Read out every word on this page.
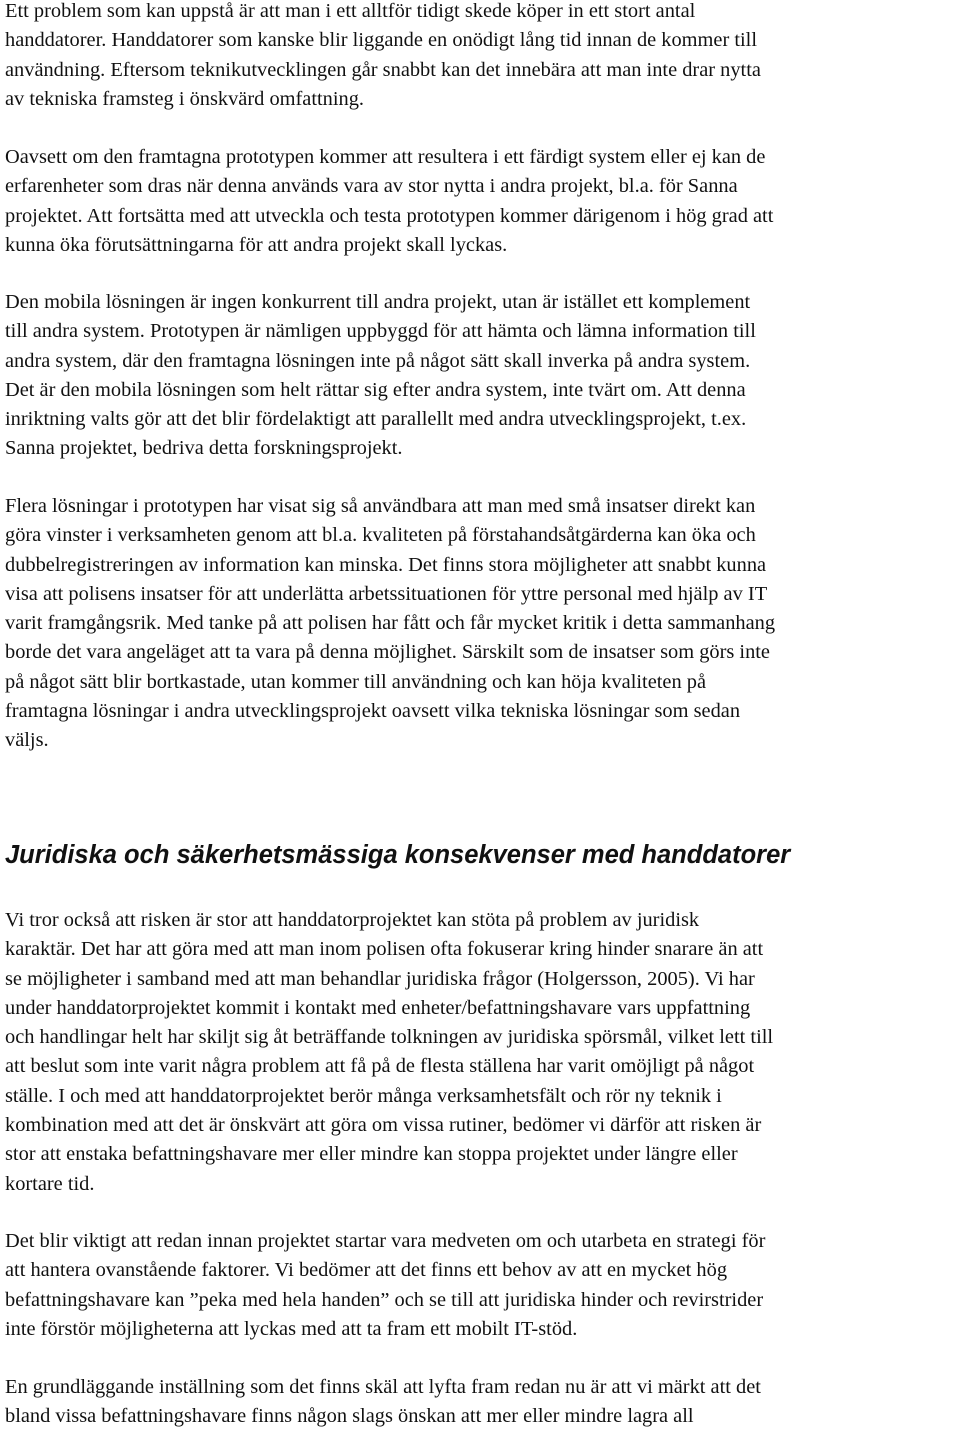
Ett problem som kan uppstå är att man i ett alltför tidigt skede köper in ett stort antal
handdatorer. Handdatorer som kanske blir liggande en onödigt lång tid innan de kommer till
användning. Eftersom teknikutvecklingen går snabbt kan det innebära att man inte drar nytta
av tekniska framsteg i önskvärd omfattning.
Oavsett om den framtagna prototypen kommer att resultera i ett färdigt system eller ej kan de
erfarenheter som dras när denna används vara av stor nytta i andra projekt, bl.a. för Sanna
projektet. Att fortsätta med att utveckla och testa prototypen kommer därigenom i hög grad att
kunna öka förutsättningarna för att andra projekt skall lyckas.
Den mobila lösningen är ingen konkurrent till andra projekt, utan är istället ett komplement
till andra system. Prototypen är nämligen uppbyggd för att hämta och lämna information till
andra system, där den framtagna lösningen inte på något sätt skall inverka på andra system.
Det är den mobila lösningen som helt rättar sig efter andra system, inte tvärt om. Att denna
inriktning valts gör att det blir fördelaktigt att parallellt med andra utvecklingsprojekt, t.ex.
Sanna projektet, bedriva detta forskningsprojekt.
Flera lösningar i prototypen har visat sig så användbara att man med små insatser direkt kan
göra vinster i verksamheten genom att bl.a. kvaliteten på förstahandsåtgärderna kan öka och
dubbelregistreringen av information kan minska. Det finns stora möjligheter att snabbt kunna
visa att polisens insatser för att underlätta arbetssituationen för yttre personal med hjälp av IT
varit framgångsrik. Med tanke på att polisen har fått och får mycket kritik i detta sammanhang
borde det vara angeläget att ta vara på denna möjlighet. Särskilt som de insatser som görs inte
på något sätt blir bortkastade, utan kommer till användning och kan höja kvaliteten på
framtagna lösningar i andra utvecklingsprojekt oavsett vilka tekniska lösningar som sedan
väljs.
Juridiska och säkerhetsmässiga konsekvenser med handdatorer
Vi tror också att risken är stor att handdatorprojektet kan stöta på problem av juridisk
karaktär. Det har att göra med att man inom polisen ofta fokuserar kring hinder snarare än att
se möjligheter i samband med att man behandlar juridiska frågor (Holgersson, 2005). Vi har
under handdatorprojektet kommit i kontakt med enheter/befattningshavare vars uppfattning
och handlingar helt har skiljt sig åt beträffande tolkningen av juridiska spörsmål, vilket lett till
att beslut som inte varit några problem att få på de flesta ställena har varit omöjligt på något
ställe. I och med att handdatorprojektet berör många verksamhetsfält och rör ny teknik i
kombination med att det är önskvärt att göra om vissa rutiner, bedömer vi därför att risken är
stor att enstaka befattningshavare mer eller mindre kan stoppa projektet under längre eller
kortare tid.
Det blir viktigt att redan innan projektet startar vara medveten om och utarbeta en strategi för
att hantera ovanstående faktorer. Vi bedömer att det finns ett behov av att en mycket hög
befattningshavare kan ”peka med hela handen” och se till att juridiska hinder och revirstrider
inte förstör möjligheterna att lyckas med att ta fram ett mobilt IT-stöd.
En grundläggande inställning som det finns skäl att lyfta fram redan nu är att vi märkt att det
bland vissa befattningshavare finns någon slags önskan att mer eller mindre lagra all
